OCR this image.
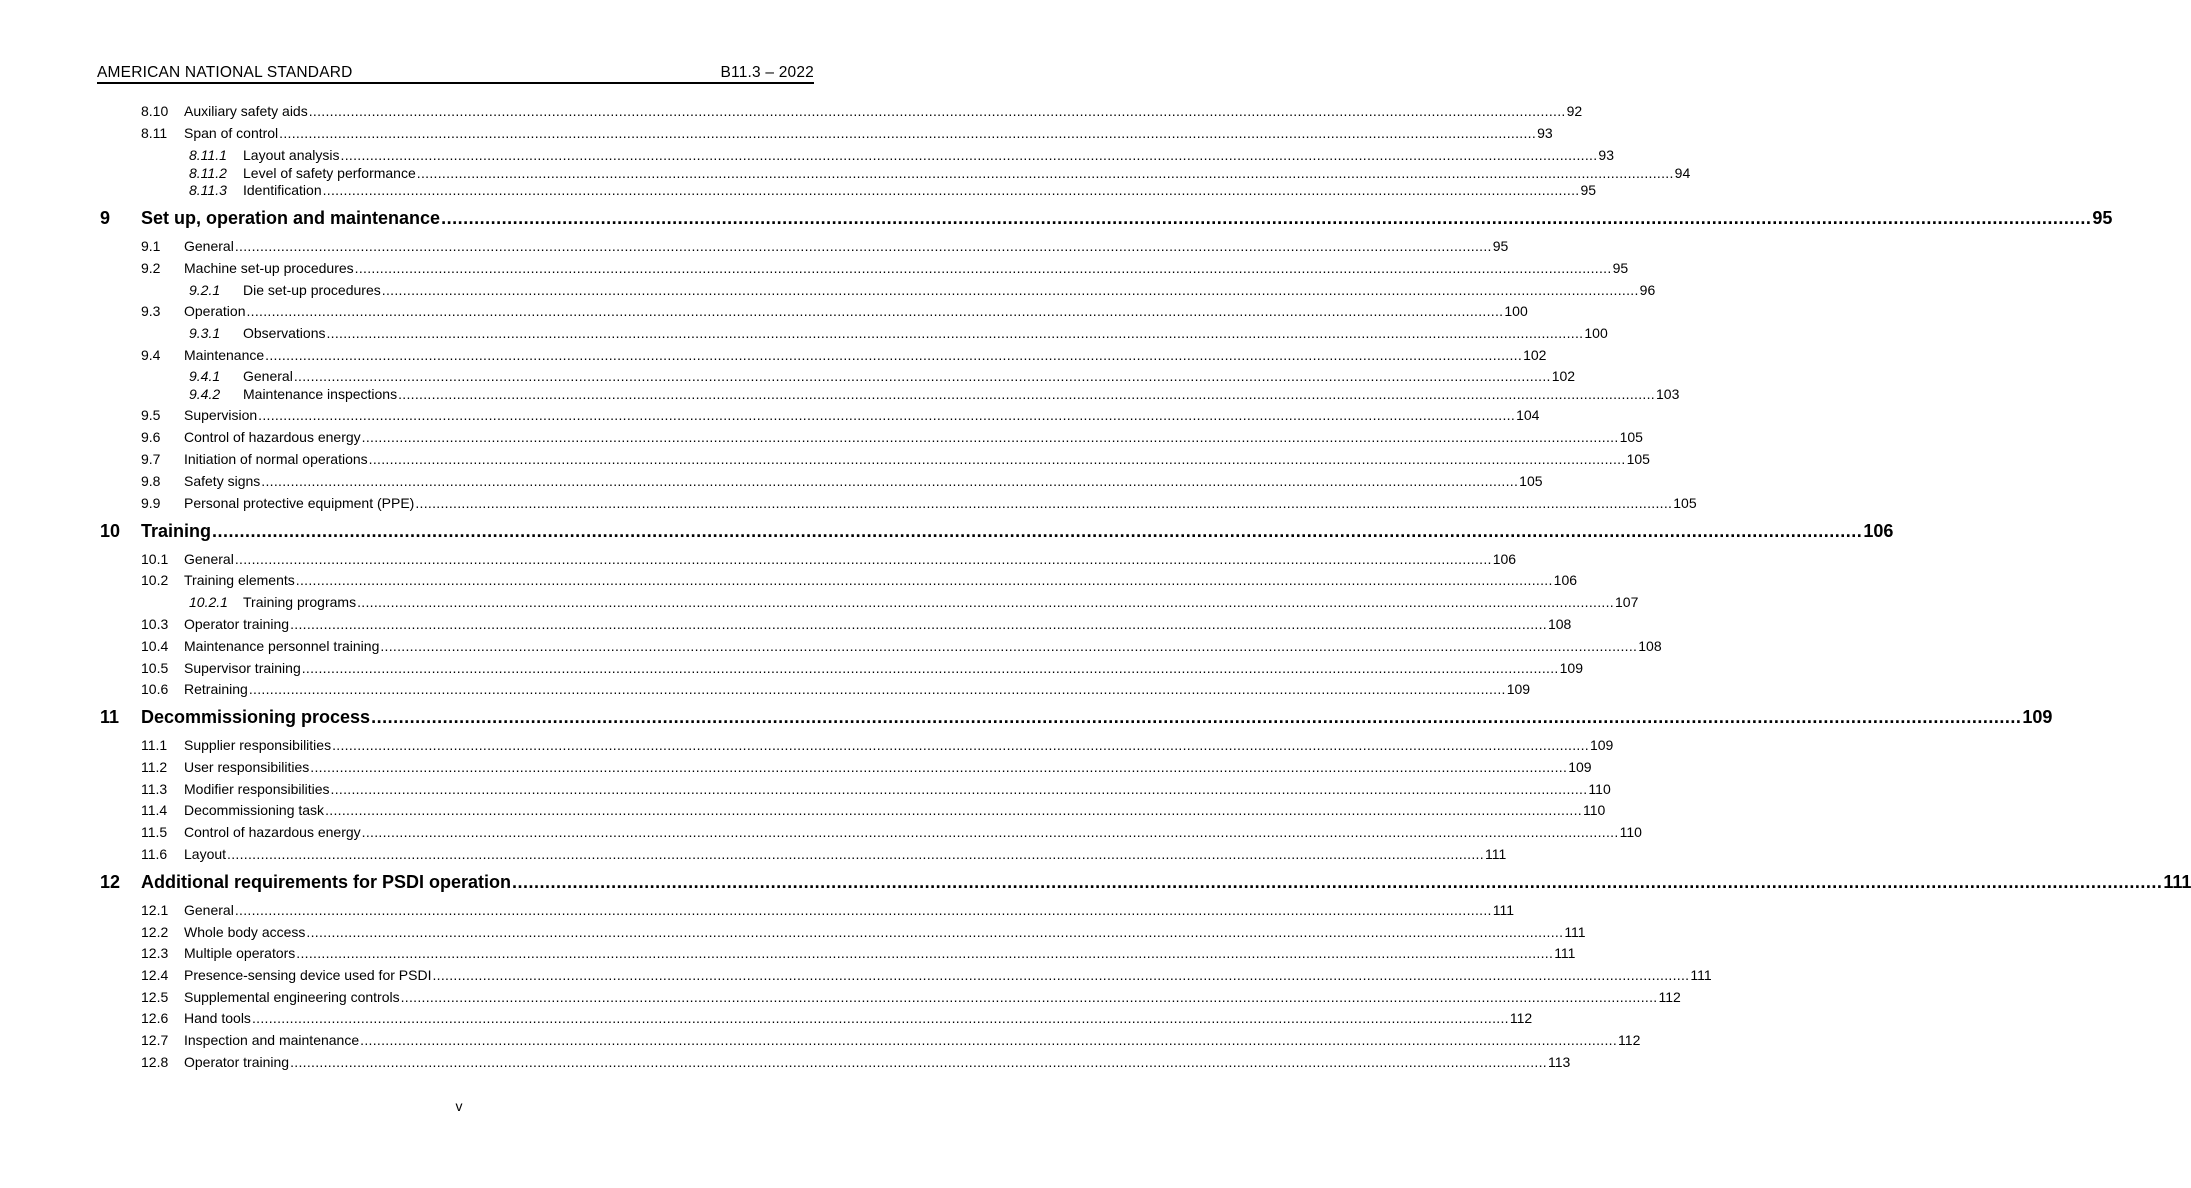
AMERICAN NATIONAL STANDARD	B11.3 – 2022
8.10 Auxiliary safety aids ............................................................................................................................................................................................................................................................................................................ 92
8.11 Span of control ............................................................................................................................................................................................................................................................................................................ 93
8.11.1 Layout analysis ............................................................................................................................................................................................................................................................................................................ 93
8.11.2 Level of safety performance ............................................................................................................................................................................................................................................................................................................ 94
8.11.3 Identification ............................................................................................................................................................................................................................................................................................................ 95
9 Set up, operation and maintenance ............................................................................................................................................................................................................................................................................................................ 95
9.1 General ............................................................................................................................................................................................................................................................................................................ 95
9.2 Machine set-up procedures ............................................................................................................................................................................................................................................................................................................ 95
9.2.1 Die set-up procedures ............................................................................................................................................................................................................................................................................................................ 96
9.3 Operation ............................................................................................................................................................................................................................................................................................................ 100
9.3.1 Observations ............................................................................................................................................................................................................................................................................................................ 100
9.4 Maintenance ............................................................................................................................................................................................................................................................................................................ 102
9.4.1 General ............................................................................................................................................................................................................................................................................................................ 102
9.4.2 Maintenance inspections ............................................................................................................................................................................................................................................................................................................ 103
9.5 Supervision ............................................................................................................................................................................................................................................................................................................ 104
9.6 Control of hazardous energy ............................................................................................................................................................................................................................................................................................................ 105
9.7 Initiation of normal operations ............................................................................................................................................................................................................................................................................................................ 105
9.8 Safety signs ............................................................................................................................................................................................................................................................................................................ 105
9.9 Personal protective equipment (PPE) ............................................................................................................................................................................................................................................................................................................ 105
10 Training ............................................................................................................................................................................................................................................................................................................ 106
10.1 General ............................................................................................................................................................................................................................................................................................................ 106
10.2 Training elements ............................................................................................................................................................................................................................................................................................................ 106
10.2.1 Training programs ............................................................................................................................................................................................................................................................................................................ 107
10.3 Operator training ............................................................................................................................................................................................................................................................................................................ 108
10.4 Maintenance personnel training ............................................................................................................................................................................................................................................................................................................ 108
10.5 Supervisor training ............................................................................................................................................................................................................................................................................................................ 109
10.6 Retraining ............................................................................................................................................................................................................................................................................................................ 109
11 Decommissioning process ............................................................................................................................................................................................................................................................................................................ 109
11.1 Supplier responsibilities ............................................................................................................................................................................................................................................................................................................ 109
11.2 User responsibilities ............................................................................................................................................................................................................................................................................................................ 109
11.3 Modifier responsibilities ............................................................................................................................................................................................................................................................................................................ 110
11.4 Decommissioning task ............................................................................................................................................................................................................................................................................................................ 110
11.5 Control of hazardous energy ............................................................................................................................................................................................................................................................................................................ 110
11.6 Layout ............................................................................................................................................................................................................................................................................................................ 111
12 Additional requirements for PSDI operation ............................................................................................................................................................................................................................................................................................................ 111
12.1 General ............................................................................................................................................................................................................................................................................................................ 111
12.2 Whole body access ............................................................................................................................................................................................................................................................................................................ 111
12.3 Multiple operators ............................................................................................................................................................................................................................................................................................................ 111
12.4 Presence-sensing device used for PSDI ............................................................................................................................................................................................................................................................................................................ 111
12.5 Supplemental engineering controls ............................................................................................................................................................................................................................................................................................................ 112
12.6 Hand tools ............................................................................................................................................................................................................................................................................................................ 112
12.7 Inspection and maintenance ............................................................................................................................................................................................................................................................................................................ 112
12.8 Operator training ............................................................................................................................................................................................................................................................................................................ 113
v
